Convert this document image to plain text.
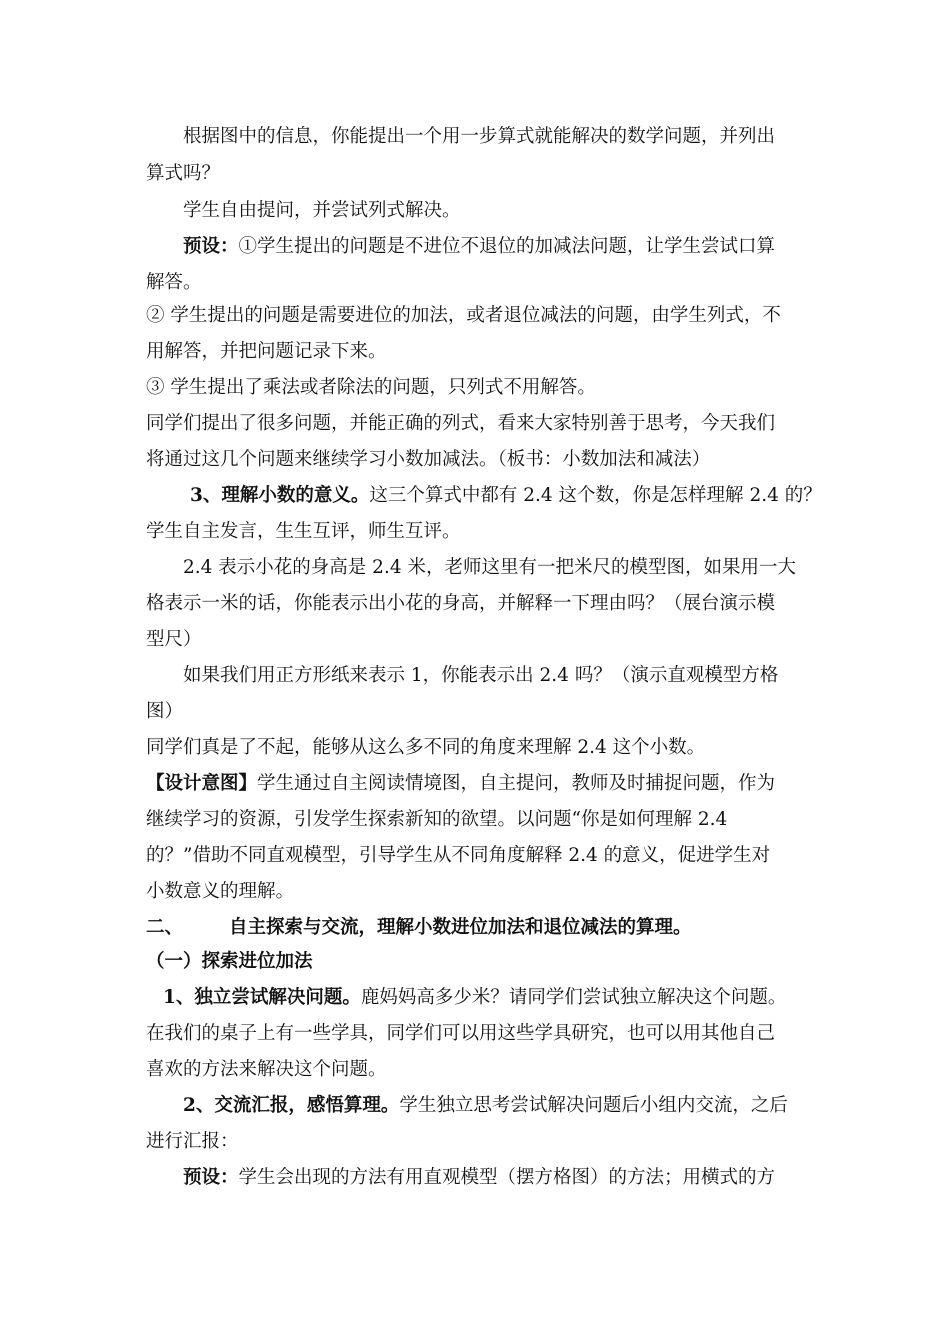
根据图中的信息，你能提出一个用一步算式就能解决的数学问题，并列出
算式吗？
学生自由提问，并尝试列式解决。
预设：①学生提出的问题是不进位不退位的加减法问题，让学生尝试口算
解答。
② 学生提出的问题是需要进位的加法，或者退位减法的问题，由学生列式，不
用解答，并把问题记录下来。
③ 学生提出了乘法或者除法的问题，只列式不用解答。
同学们提出了很多问题，并能正确的列式，看来大家特别善于思考，今天我们
将通过这几个问题来继续学习小数加减法。（板书：小数加法和减法）
3、理解小数的意义。这三个算式中都有 2.4 这个数，你是怎样理解 2.4 的？
学生自主发言，生生互评，师生互评。
2.4 表示小花的身高是 2.4 米，老师这里有一把米尺的模型图，如果用一大
格表示一米的话，你能表示出小花的身高，并解释一下理由吗？（展台演示模
型尺）
如果我们用正方形纸来表示 1，你能表示出 2.4 吗？（演示直观模型方格
图）
同学们真是了不起，能够从这么多不同的角度来理解 2.4 这个小数。
【设计意图】学生通过自主阅读情境图，自主提问，教师及时捕捉问题，作为
继续学习的资源，引发学生探索新知的欲望。以问题“你是如何理解 2.4
的？”借助不同直观模型，引导学生从不同角度解释 2.4 的意义，促进学生对
小数意义的理解。
二、 自主探索与交流，理解小数进位加法和退位减法的算理。
（一）探索进位加法
1、独立尝试解决问题。鹿妈妈高多少米？请同学们尝试独立解决这个问题。
在我们的桌子上有一些学具，同学们可以用这些学具研究，也可以用其他自己
喜欢的方法来解决这个问题。
2、交流汇报，感悟算理。学生独立思考尝试解决问题后小组内交流，之后
进行汇报：
预设：学生会出现的方法有用直观模型（摆方格图）的方法；用横式的方
